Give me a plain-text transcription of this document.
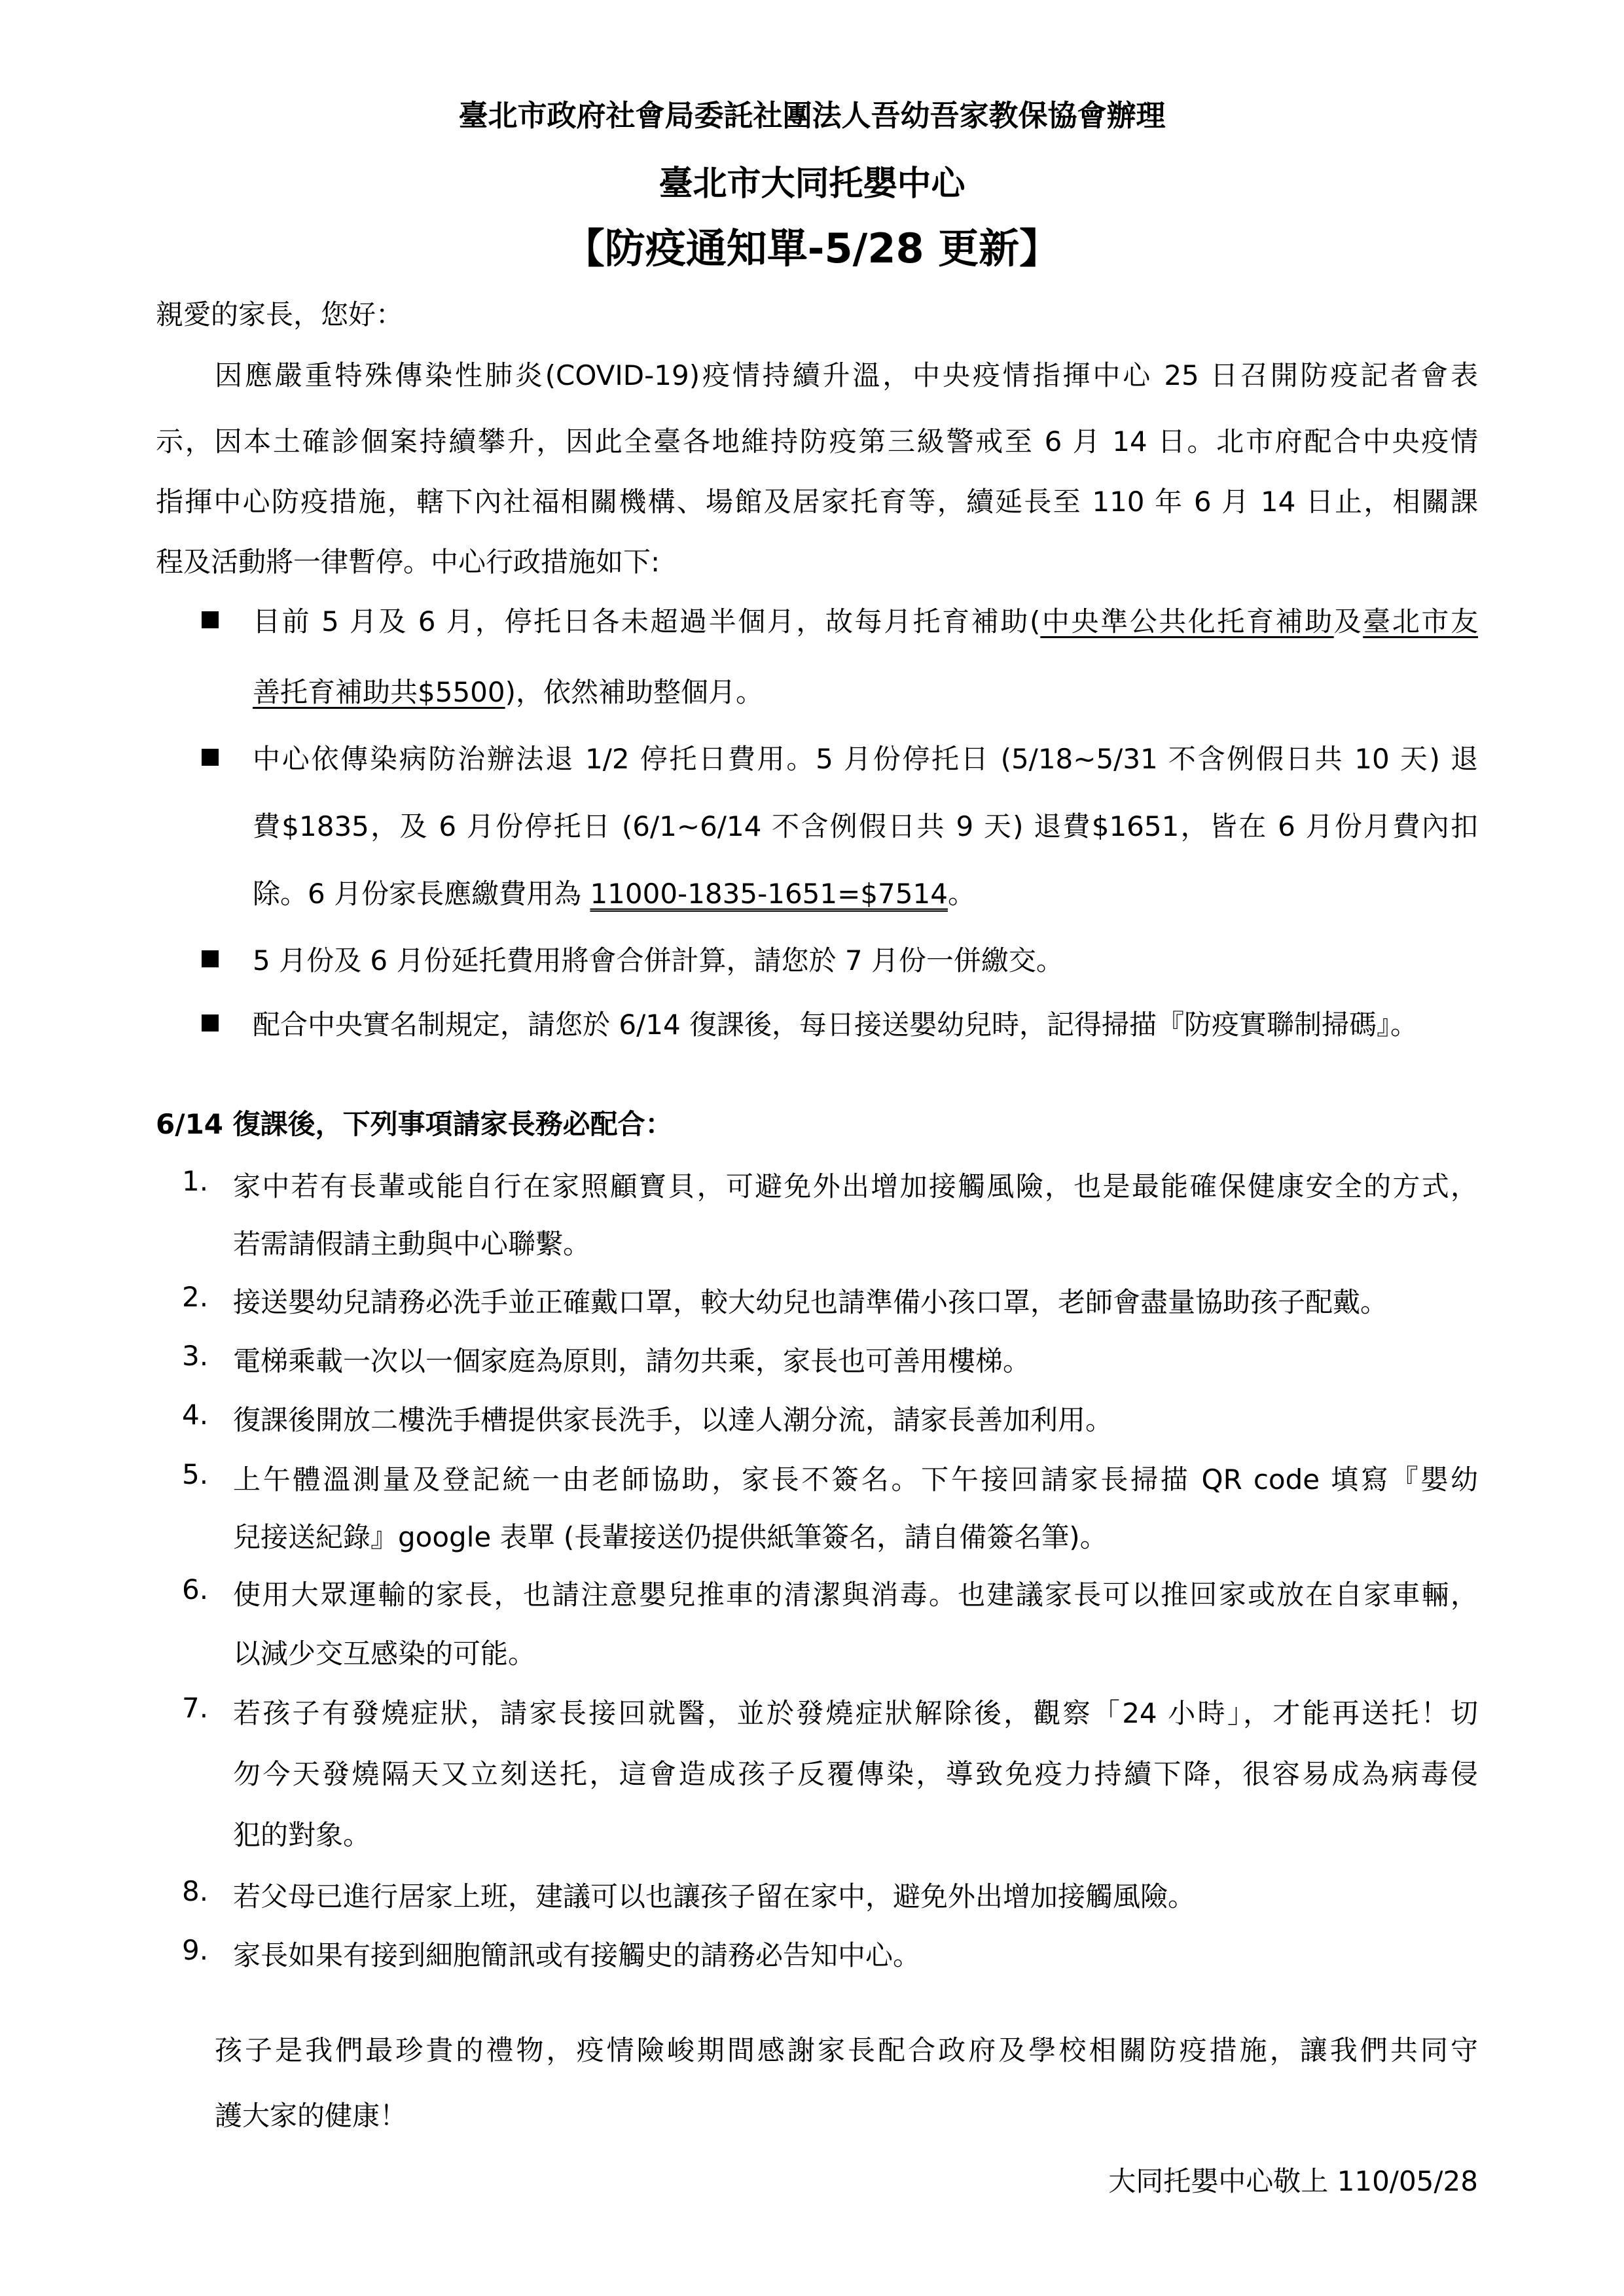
臺北市政府社會局委託社團法人吾幼吾家教保協會辦理
臺北市大同托嬰中心
【防疫通知單-5/28 更新】
親愛的家長，您好：
因應嚴重特殊傳染性肺炎(COVID-19)疫情持續升溫，中央疫情指揮中心 25 日召開防疫記者會表
示，因本土確診個案持續攀升，因此全臺各地維持防疫第三級警戒至 6 月 14 日。北市府配合中央疫情
指揮中心防疫措施，轄下內社福相關機構、場館及居家托育等，續延長至 110 年 6 月 14 日止，相關課
程及活動將一律暫停。中心行政措施如下:
目前 5 月及 6 月，停托日各未超過半個月，故每月托育補助(中央準公共化托育補助及臺北市友
善托育補助共$5500)，依然補助整個月。
中心依傳染病防治辦法退 1/2 停托日費用。5 月份停托日 (5/18~5/31 不含例假日共 10 天) 退
費$1835，及 6 月份停托日 (6/1~6/14 不含例假日共 9 天) 退費$1651，皆在 6 月份月費內扣
除。6 月份家長應繳費用為 11000-1835-1651=$7514。
5 月份及 6 月份延托費用將會合併計算，請您於 7 月份一併繳交。
配合中央實名制規定，請您於 6/14 復課後，每日接送嬰幼兒時，記得掃描『防疫實聯制掃碼』。
6/14 復課後，下列事項請家長務必配合：
1. 家中若有長輩或能自行在家照顧寶貝，可避免外出增加接觸風險，也是最能確保健康安全的方式，
若需請假請主動與中心聯繫。
2. 接送嬰幼兒請務必洗手並正確戴口罩，較大幼兒也請準備小孩口罩，老師會盡量協助孩子配戴。
3. 電梯乘載一次以一個家庭為原則，請勿共乘，家長也可善用樓梯。
4. 復課後開放二樓洗手槽提供家長洗手，以達人潮分流，請家長善加利用。
5. 上午體溫測量及登記統一由老師協助，家長不簽名。下午接回請家長掃描 QR code 填寫『嬰幼
兒接送紀錄』google 表單 (長輩接送仍提供紙筆簽名，請自備簽名筆)。
6. 使用大眾運輸的家長，也請注意嬰兒推車的清潔與消毒。也建議家長可以推回家或放在自家車輛，
以減少交互感染的可能。
7. 若孩子有發燒症狀，請家長接回就醫，並於發燒症狀解除後，觀察「24 小時」，才能再送托！切
勿今天發燒隔天又立刻送托，這會造成孩子反覆傳染，導致免疫力持續下降，很容易成為病毒侵
犯的對象。
8. 若父母已進行居家上班，建議可以也讓孩子留在家中，避免外出增加接觸風險。
9. 家長如果有接到細胞簡訊或有接觸史的請務必告知中心。
孩子是我們最珍貴的禮物，疫情險峻期間感謝家長配合政府及學校相關防疫措施，讓我們共同守
護大家的健康！
大同托嬰中心敬上 110/05/28
